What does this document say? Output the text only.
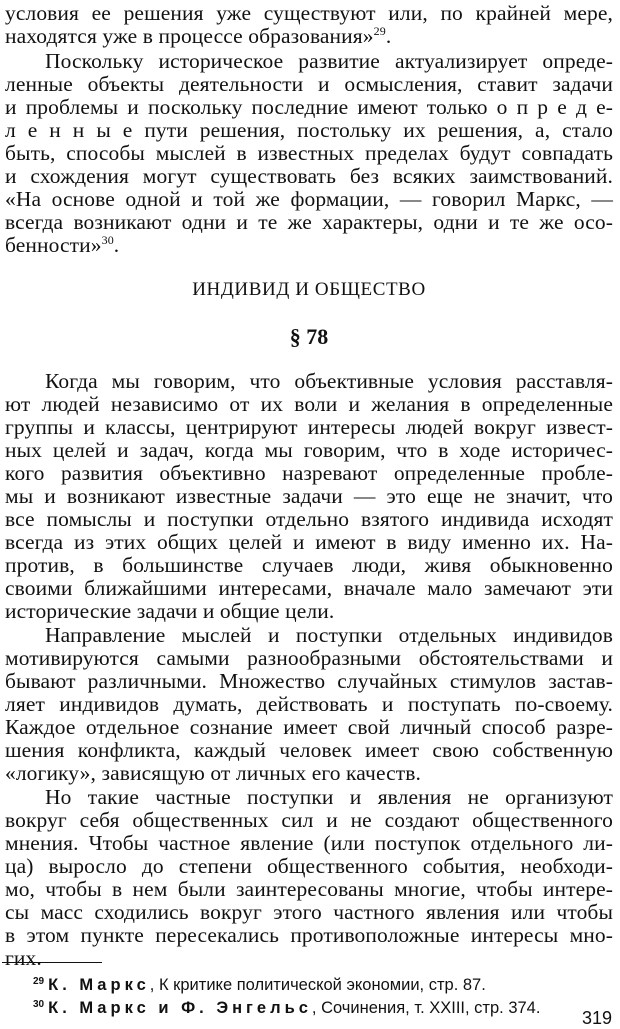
условия ее решения уже существуют или, по крайней мере,
находятся уже в процессе образования»$^{29}$.
Поскольку историческое развитие актуализирует опреде-
ленные объекты деятельности и осмысления, ставит задачи
и проблемы и поскольку последние имеют только о п р е д е-
л е н н ы е пути решения, постольку их решения, а, стало
быть, способы мыслей в известных пределах будут совпадать
и схождения могут существовать без всяких заимствований.
«На основе одной и той же формации, — говорил Маркс, —
всегда возникают одни и те же характеры, одни и те же осо-
бенности»$^{30}$.
ИНДИВИД И ОБЩЕСТВО
§ 78
Когда мы говорим, что объективные условия расставля-
ют людей независимо от их воли и желания в определенные
группы и классы, центрируют интересы людей вокруг извест-
ных целей и задач, когда мы говорим, что в ходе историчес-
кого развития объективно назревают определенные пробле-
мы и возникают известные задачи — это еще не значит, что
все помыслы и поступки отдельно взятого индивида исходят
всегда из этих общих целей и имеют в виду именно их. На-
против, в большинстве случаев люди, живя обыкновенно
своими ближайшими интересами, вначале мало замечают эти
исторические задачи и общие цели.
Направление мыслей и поступки отдельных индивидов
мотивируются самыми разнообразными обстоятельствами и
бывают различными. Множество случайных стимулов застав-
ляет индивидов думать, действовать и поступать по-своему.
Каждое отдельное сознание имеет свой личный способ разре-
шения конфликта, каждый человек имеет свою собственную
«логику», зависящую от личных его качеств.
Но такие частные поступки и явления не организуют
вокруг себя общественных сил и не создают общественного
мнения. Чтобы частное явление (или поступок отдельного ли-
ца) выросло до степени общественного события, необходи-
мо, чтобы в нем были заинтересованы многие, чтобы интере-
сы масс сходились вокруг этого частного явления или чтобы
в этом пункте пересекались противоположные интересы мно-
гих.
$^{29}$ К. Маркс, К критике политической экономии, стр. 87.
$^{30}$ К. Маркс и Ф. Энгельс, Сочинения, т. XXIII, стр. 374. 319
